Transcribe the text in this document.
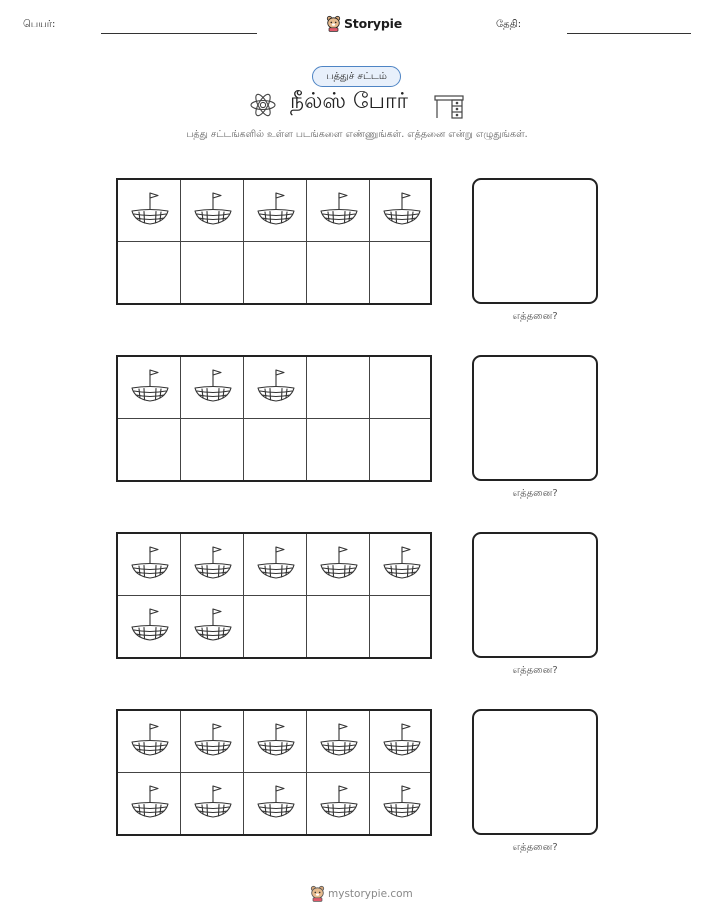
பெயர்:	Storypie	தேதி:
பத்துச் சட்டம்
நீல்ஸ் போர்
பத்து சட்டங்களில் உள்ள படங்களை எண்ணுங்கள். எத்தனை என்று எழுதுங்கள்.
எத்தனை?
எத்தனை?
எத்தனை?
எத்தனை?
mystorypie.com
